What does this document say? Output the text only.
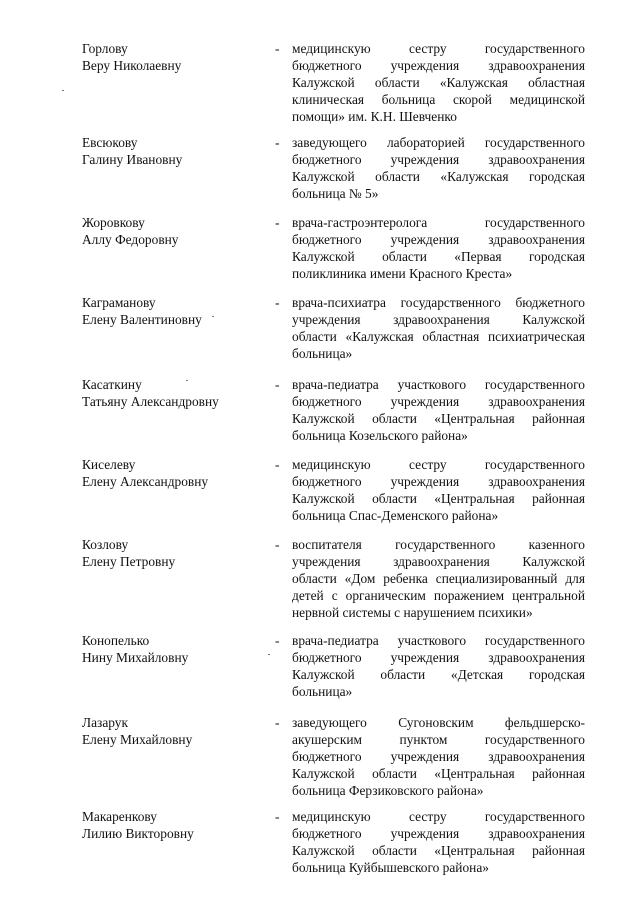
Горлову
Веру Николаевну
- медицинскую сестру государственного
бюджетного учреждения здравоохранения
Калужской области «Калужская областная
клиническая больница скорой медицинской
помощи» им. К.Н. Шевченко
Евсюкову
Галину Ивановну
- заведующего лабораторией государственного
бюджетного учреждения здравоохранения
Калужской области «Калужская городская
больница № 5»
Жоровкову
Аллу Федоровну
- врача-гастроэнтеролога государственного
бюджетного учреждения здравоохранения
Калужской области «Первая городская
поликлиника имени Красного Креста»
Каграманову
Елену Валентиновну
- врача-психиатра государственного бюджетного
учреждения здравоохранения Калужской
области «Калужская областная психиатрическая
больница»
Касаткину
Татьяну Александровну
- врача-педиатра участкового государственного
бюджетного учреждения здравоохранения
Калужской области «Центральная районная
больница Козельского района»
Киселеву
Елену Александровну
- медицинскую сестру государственного
бюджетного учреждения здравоохранения
Калужской области «Центральная районная
больница Спас-Деменского района»
Козлову
Елену Петровну
- воспитателя государственного казенного
учреждения здравоохранения Калужской
области «Дом ребенка специализированный для
детей с органическим поражением центральной
нервной системы с нарушением психики»
Конопелько
Нину Михайловну
- врача-педиатра участкового государственного
бюджетного учреждения здравоохранения
Калужской области «Детская городская
больница»
Лазарук
Елену Михайловну
- заведующего Сугоновским фельдшерско-
акушерским пунктом государственного
бюджетного учреждения здравоохранения
Калужской области «Центральная районная
больница Ферзиковского района»
Макаренкову
Лилию Викторовну
- медицинскую сестру государственного
бюджетного учреждения здравоохранения
Калужской области «Центральная районная
больница Куйбышевского района»
